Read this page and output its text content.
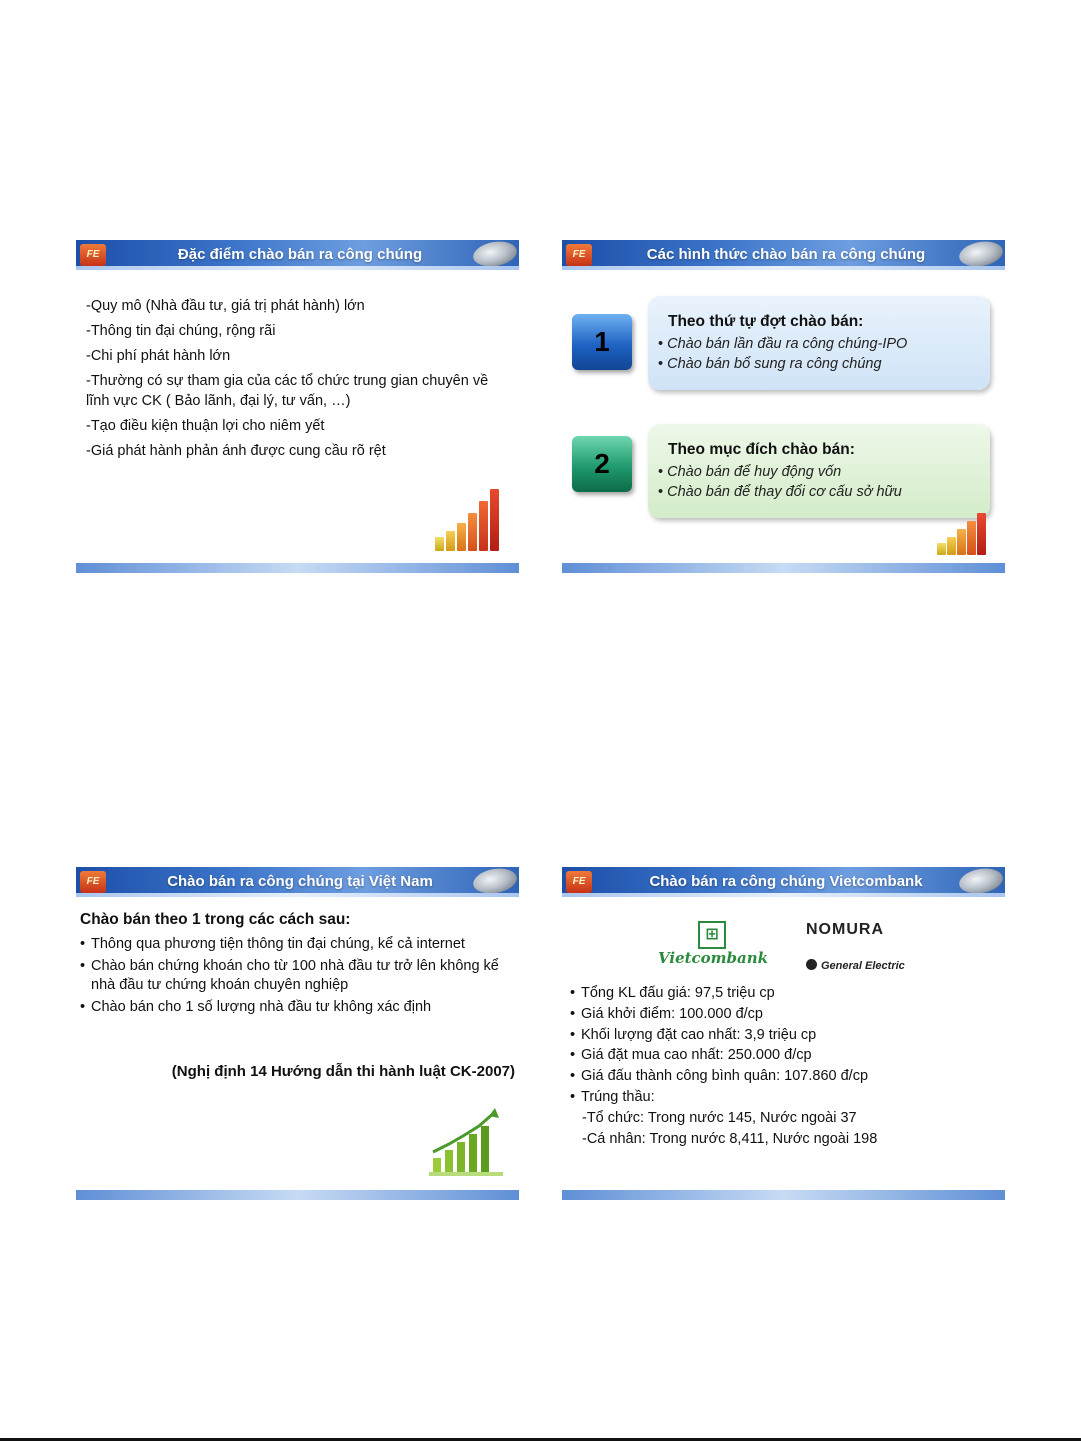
FE	Đặc điểm chào bán ra công chúng
-Quy mô (Nhà đầu tư, giá trị phát hành) lớn
-Thông tin đại chúng, rộng rãi
-Chi phí phát hành lớn
-Thường có sự tham gia của các tổ chức trung gian chuyên về lĩnh vực CK ( Bảo lãnh, đại lý, tư vấn, …)
-Tạo điều kiện thuận lợi cho niêm yết
-Giá phát hành phản ánh được cung cầu rõ rệt
FE	Các hình thức chào bán ra công chúng
1
Theo thứ tự đợt chào bán:
• Chào bán lần đầu ra công chúng-IPO
• Chào bán bổ sung ra công chúng
2	Theo mục đích chào bán:
• Chào bán để huy động vốn
• Chào bán để thay đổi cơ cấu sở hữu
FE	Chào bán ra công chúng tại Việt Nam
Chào bán theo 1 trong các cách sau:
• Thông qua phương tiện thông tin đại chúng, kể cả internet
• Chào bán chứng khoán cho từ 100 nhà đầu tư trở lên không kể nhà đầu tư chứng khoán chuyên nghiệp
• Chào bán cho 1 số lượng nhà đầu tư không xác định
(Nghị định 14 Hướng dẫn thi hành luật CK-2007)
FE	Chào bán ra công chúng Vietcombank
⊞
Vietcombank
NOMURA
General Electric
• Tổng KL đấu giá: 97,5 triệu cp
• Giá khởi điểm: 100.000 đ/cp
• Khối lượng đặt cao nhất: 3,9 triệu cp
• Giá đặt mua cao nhất: 250.000 đ/cp
• Giá đấu thành công bình quân: 107.860 đ/cp
• Trúng thầu:
-Tổ chức: Trong nước 145, Nước ngoài 37
-Cá nhân: Trong nước 8,411, Nước ngoài 198
